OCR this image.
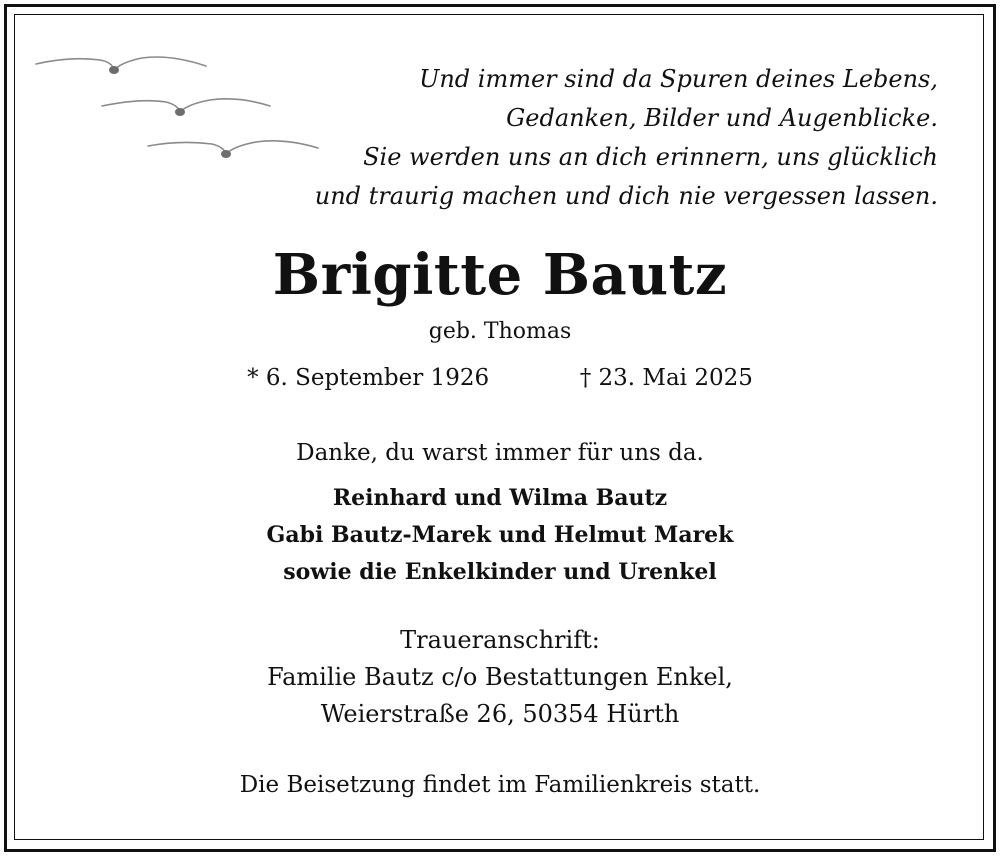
Und immer sind da Spuren deines Lebens,
Gedanken, Bilder und Augenblicke.
Sie werden uns an dich erinnern, uns glücklich
und traurig machen und dich nie vergessen lassen.
Brigitte Bautz
geb. Thomas
* 6. September 1926	† 23. Mai 2025
Danke, du warst immer für uns da.
Reinhard und Wilma Bautz
Gabi Bautz-Marek und Helmut Marek
sowie die Enkelkinder und Urenkel
Traueranschrift:
Familie Bautz c/o Bestattungen Enkel,
Weierstraße 26, 50354 Hürth
Die Beisetzung findet im Familienkreis statt.
